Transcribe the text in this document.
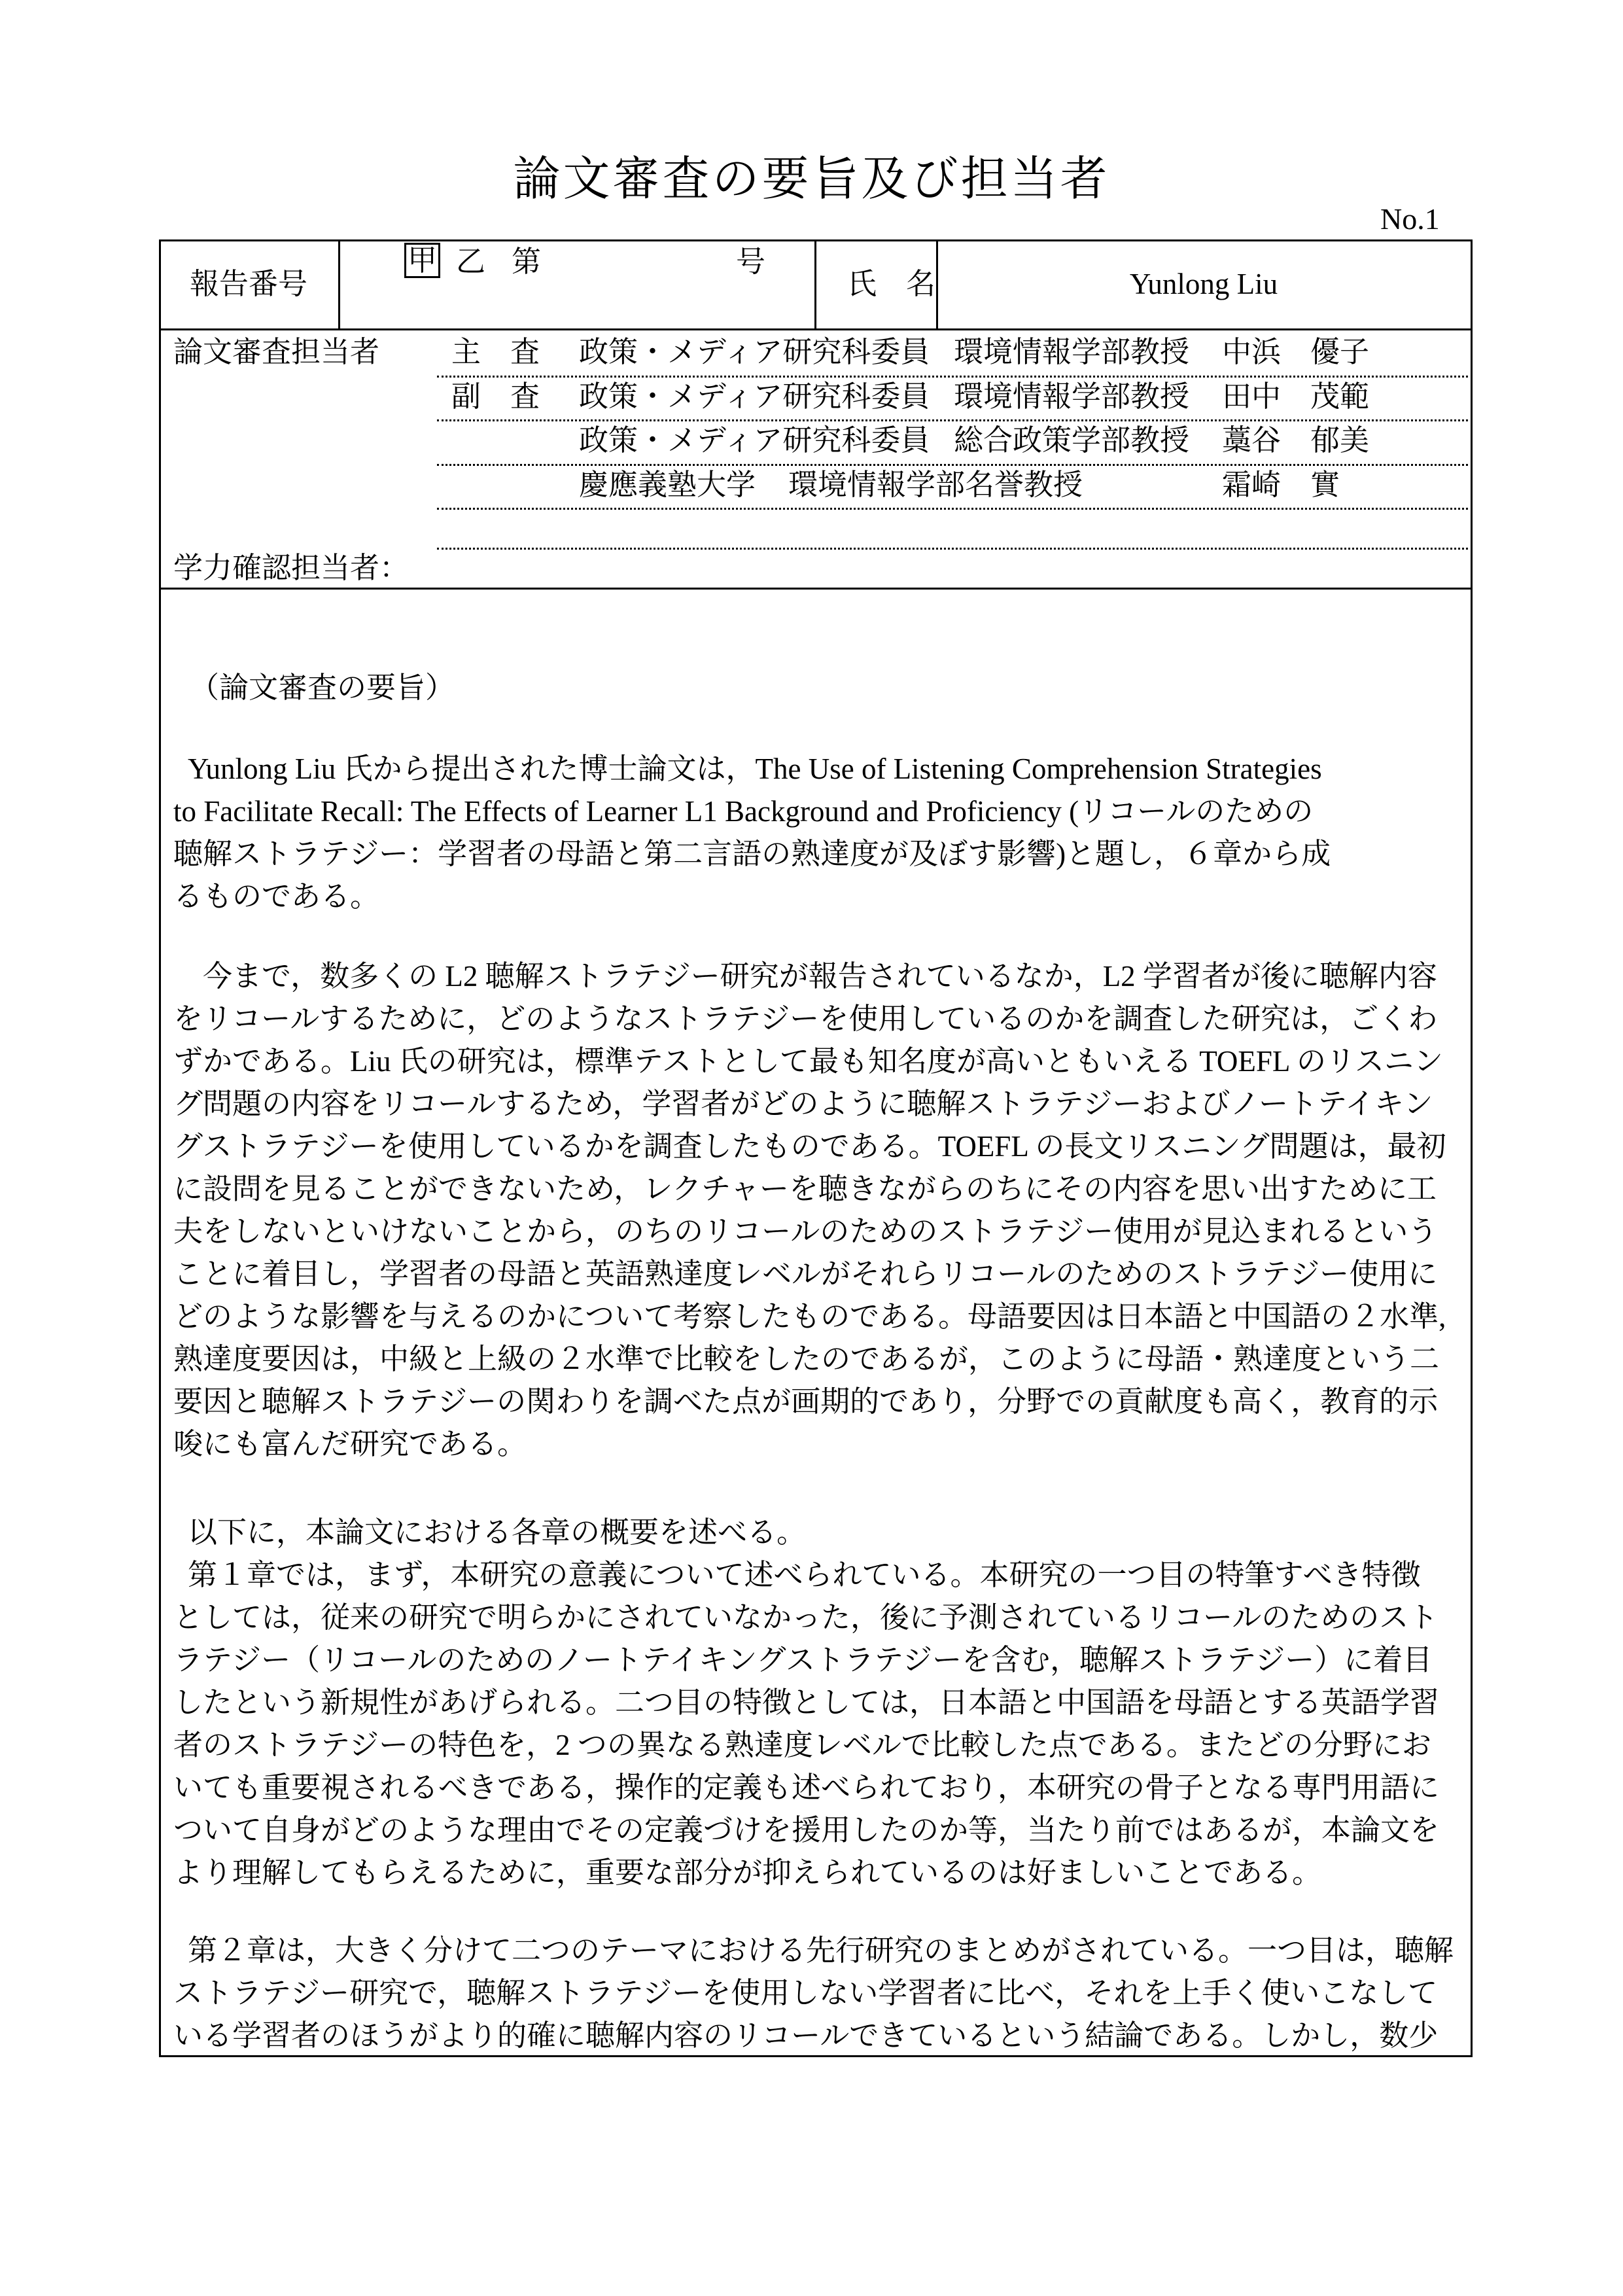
論文審査の要旨及び担当者
No.1
報告番号
甲 乙 第	号
氏　名	Yunlong Liu
論文審査担当者 主　査 政策・メディア研究科委員 環境情報学部教授 中浜　優子
副　査 政策・メディア研究科委員 環境情報学部教授 田中　茂範
政策・メディア研究科委員 総合政策学部教授 藁谷　郁美
慶應義塾大学 環境情報学部名誉教授	霜崎　實
学力確認担当者：
（論文審査の要旨）
Yunlong Liu 氏から提出された博士論文は，The Use of Listening Comprehension Strategies
to Facilitate Recall: The Effects of Learner L1 Background and Proficiency (リコールのための
聴解ストラテジー：学習者の母語と第二言語の熟達度が及ぼす影響)と題し，６章から成
るものである。
今まで，数多くの L2 聴解ストラテジー研究が報告されているなか，L2 学習者が後に聴解内容
をリコールするために，どのようなストラテジーを使用しているのかを調査した研究は，ごくわ
ずかである。Liu 氏の研究は，標準テストとして最も知名度が高いともいえる TOEFL のリスニン
グ問題の内容をリコールするため，学習者がどのように聴解ストラテジーおよびノートテイキン
グストラテジーを使用しているかを調査したものである。TOEFL の長文リスニング問題は，最初
に設問を見ることができないため，レクチャーを聴きながらのちにその内容を思い出すために工
夫をしないといけないことから，のちのリコールのためのストラテジー使用が見込まれるという
ことに着目し，学習者の母語と英語熟達度レベルがそれらリコールのためのストラテジー使用に
どのような影響を与えるのかについて考察したものである。母語要因は日本語と中国語の２水準,
熟達度要因は，中級と上級の２水準で比較をしたのであるが，このように母語・熟達度という二
要因と聴解ストラテジーの関わりを調べた点が画期的であり，分野での貢献度も高く，教育的示
唆にも富んだ研究である。
以下に，本論文における各章の概要を述べる。
第１章では，まず，本研究の意義について述べられている。本研究の一つ目の特筆すべき特徴
としては，従来の研究で明らかにされていなかった，後に予測されているリコールのためのスト
ラテジー（リコールのためのノートテイキングストラテジーを含む，聴解ストラテジー）に着目
したという新規性があげられる。二つ目の特徴としては，日本語と中国語を母語とする英語学習
者のストラテジーの特色を，2 つの異なる熟達度レベルで比較した点である。またどの分野にお
いても重要視されるべきである，操作的定義も述べられており，本研究の骨子となる専門用語に
ついて自身がどのような理由でその定義づけを援用したのか等，当たり前ではあるが，本論文を
より理解してもらえるために，重要な部分が抑えられているのは好ましいことである。
第２章は，大きく分けて二つのテーマにおける先行研究のまとめがされている。一つ目は，聴解
ストラテジー研究で，聴解ストラテジーを使用しない学習者に比べ，それを上手く使いこなして
いる学習者のほうがより的確に聴解内容のリコールできているという結論である。しかし，数少
